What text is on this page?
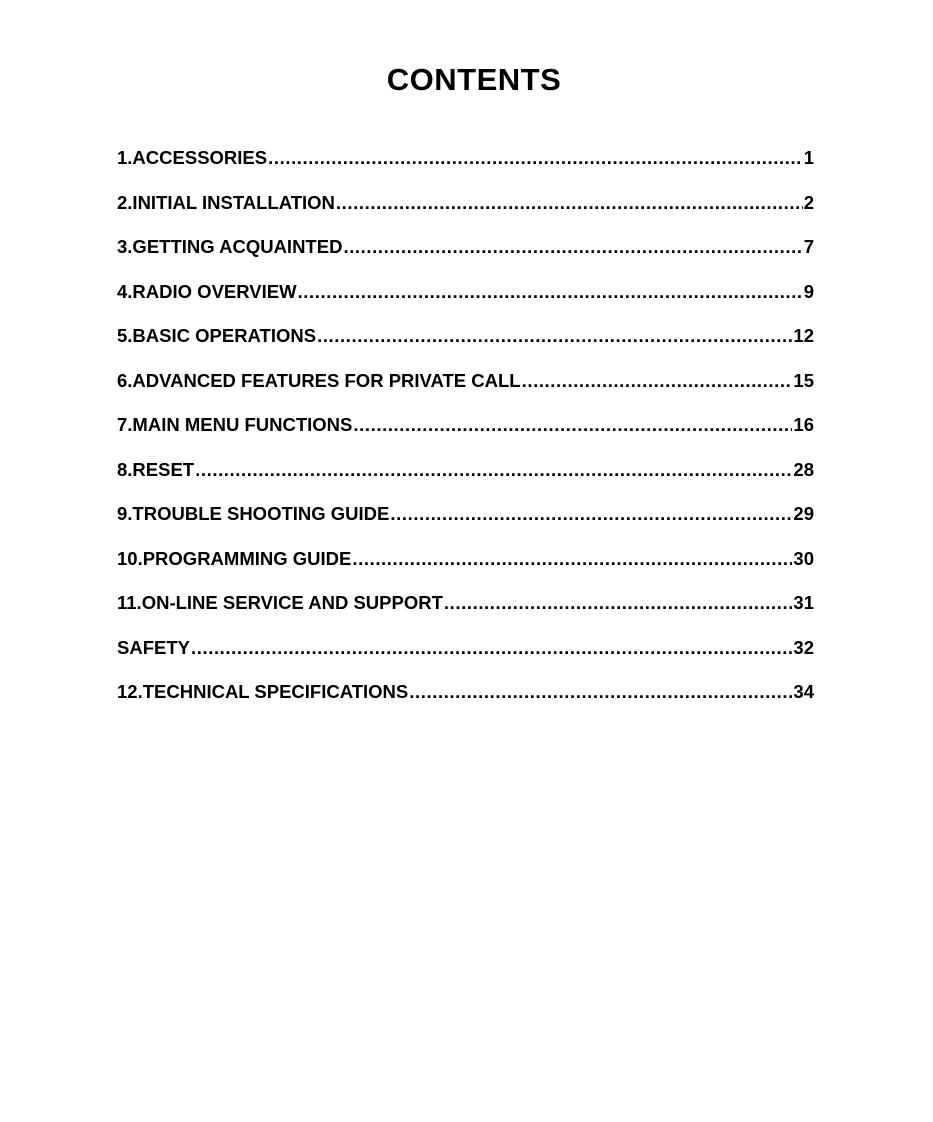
CONTENTS
1.ACCESSORIES .....	1
2.INITIAL INSTALLATION .....	2
3.GETTING ACQUAINTED .....	7
4.RADIO OVERVIEW .....	9
5.BASIC OPERATIONS .....	12
6.ADVANCED FEATURES FOR PRIVATE CALL .....	15
7.MAIN MENU FUNCTIONS .....	16
8.RESET .....	28
9.TROUBLE SHOOTING GUIDE .....	29
10.PROGRAMMING GUIDE .....	30
11.ON-LINE SERVICE AND SUPPORT .....	31
SAFETY .....	32
12.TECHNICAL SPECIFICATIONS .....	34
